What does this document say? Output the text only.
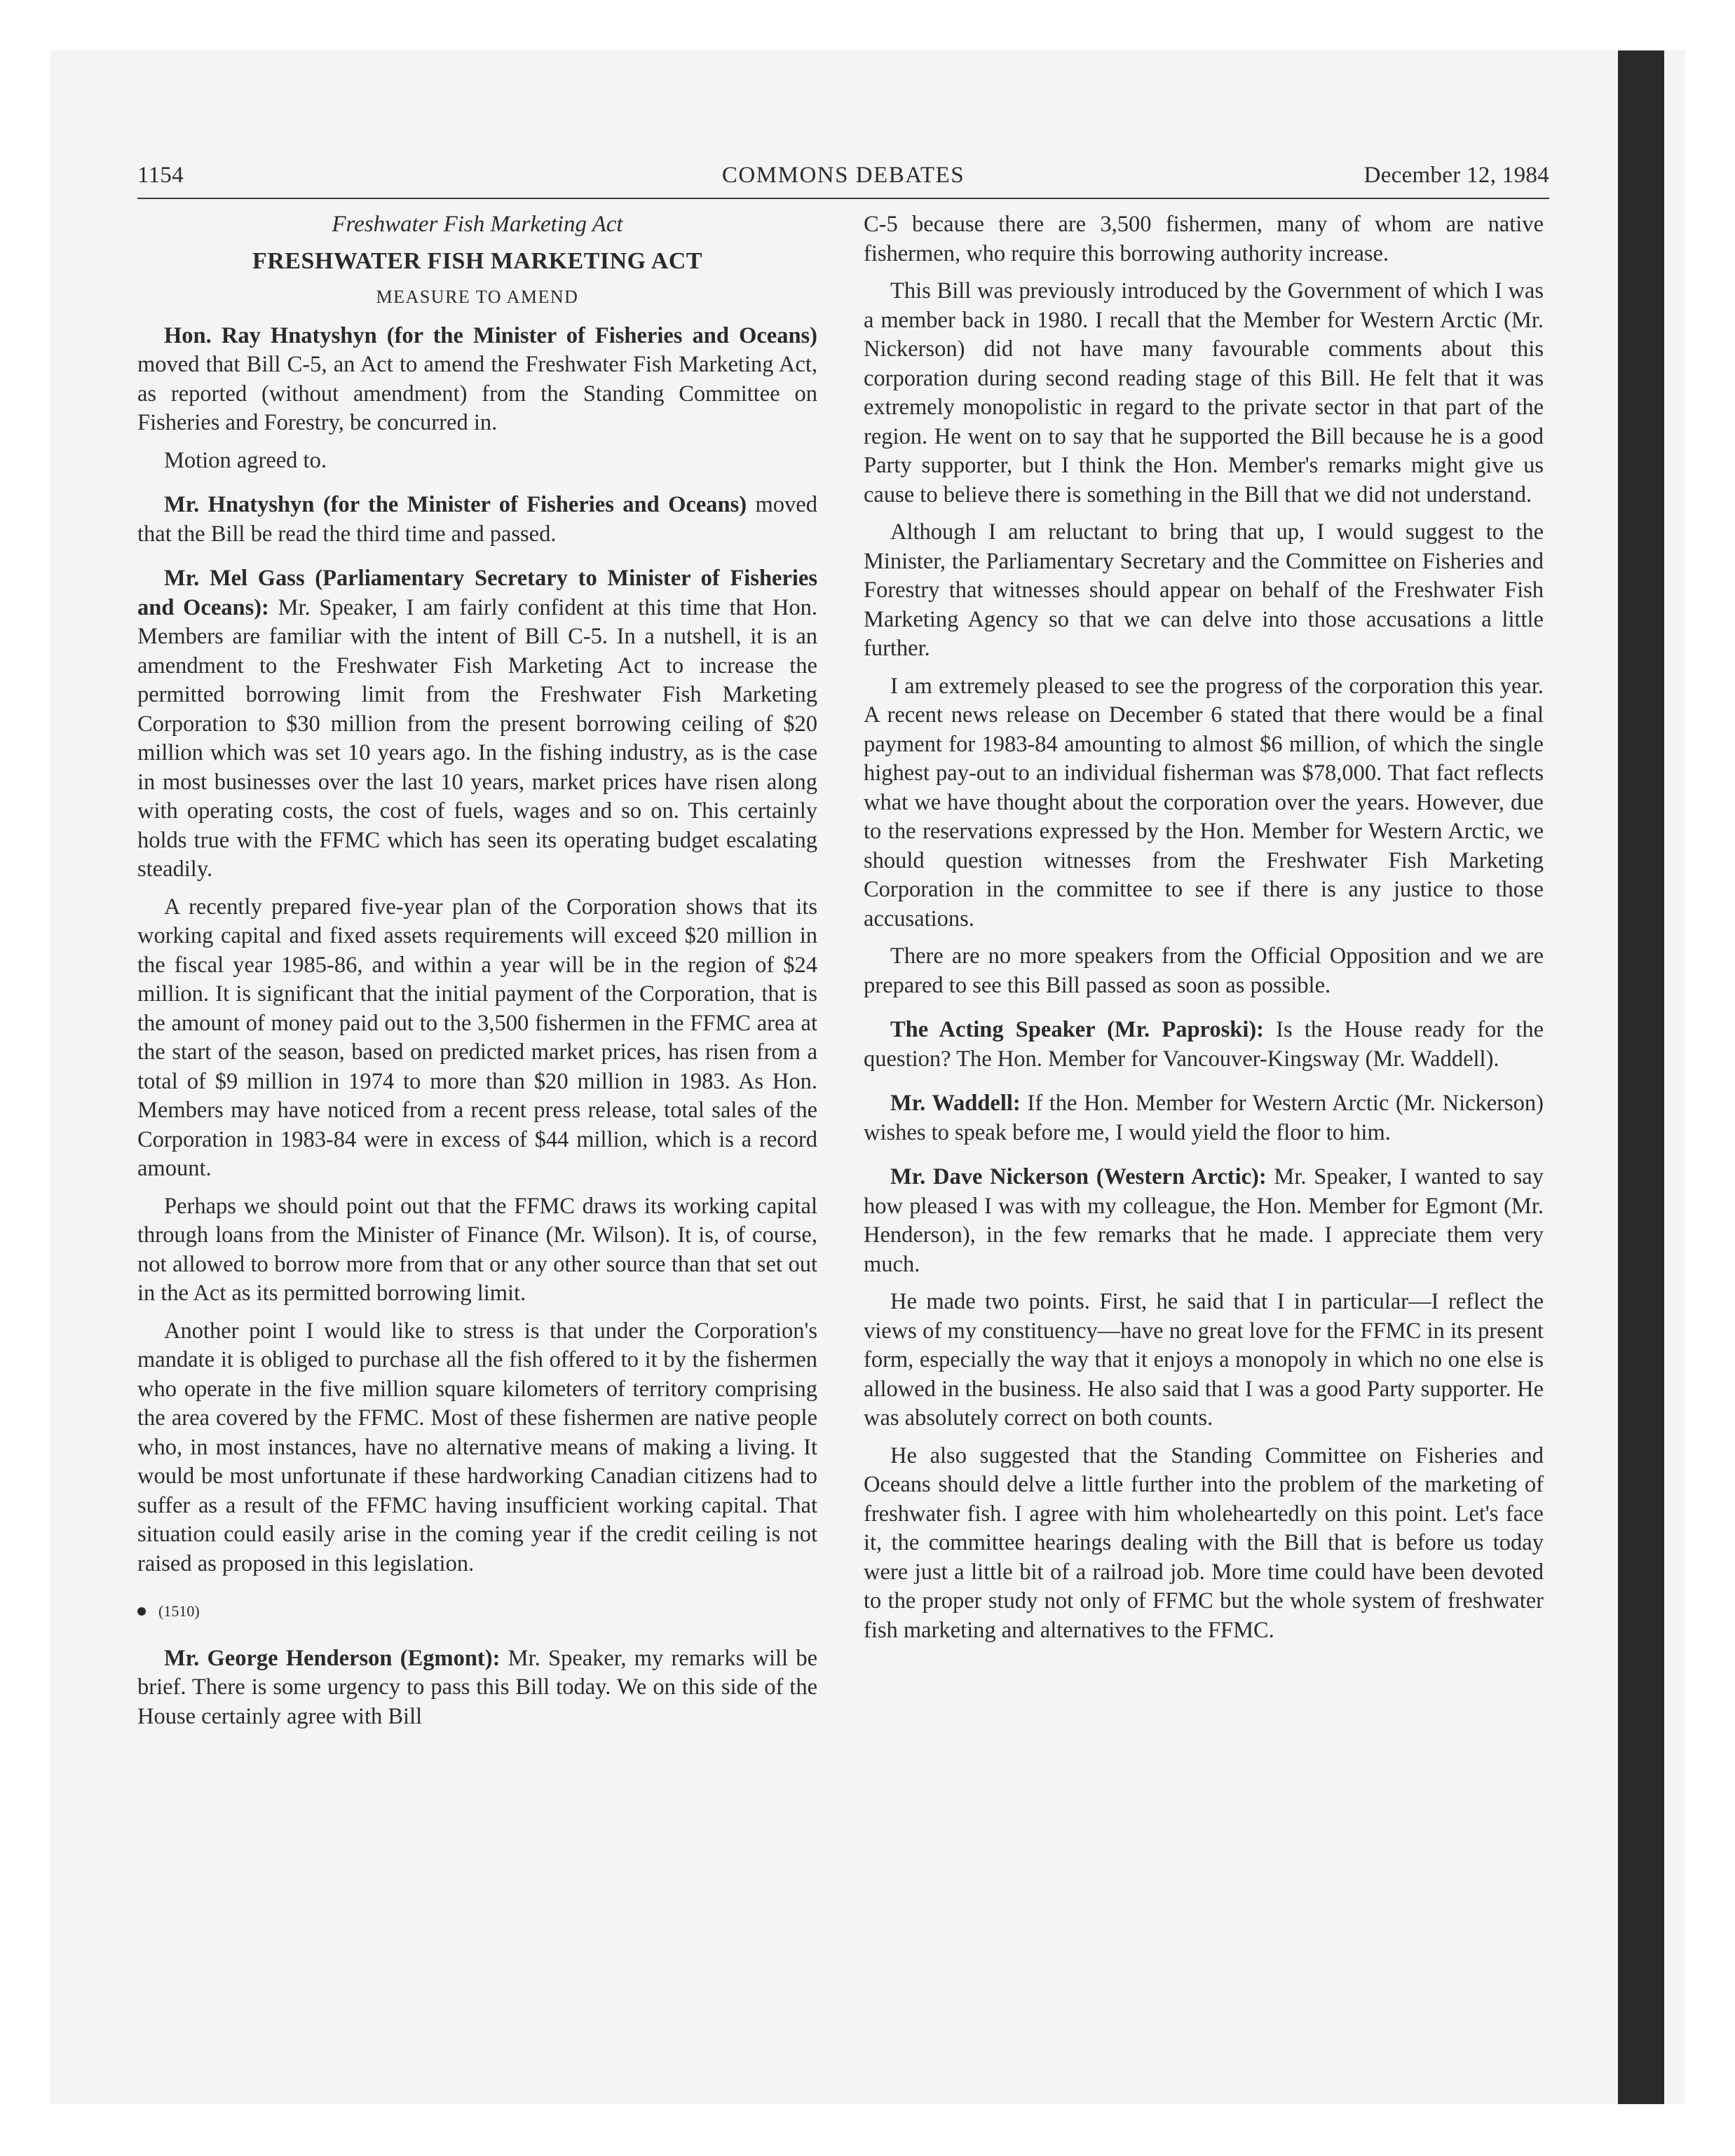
1154	COMMONS DEBATES	December 12, 1984
Freshwater Fish Marketing Act
FRESHWATER FISH MARKETING ACT
MEASURE TO AMEND

Hon. Ray Hnatyshyn (for the Minister of Fisheries and Oceans) moved that Bill C-5, an Act to amend the Freshwater Fish Marketing Act, as reported (without amendment) from the Standing Committee on Fisheries and Forestry, be concurred in.

Motion agreed to.

Mr. Hnatyshyn (for the Minister of Fisheries and Oceans) moved that the Bill be read the third time and passed.

Mr. Mel Gass (Parliamentary Secretary to Minister of Fisheries and Oceans): Mr. Speaker, I am fairly confident at this time that Hon. Members are familiar with the intent of Bill C-5. In a nutshell, it is an amendment to the Freshwater Fish Marketing Act to increase the permitted borrowing limit from the Freshwater Fish Marketing Corporation to $30 million from the present borrowing ceiling of $20 million which was set 10 years ago. In the fishing industry, as is the case in most businesses over the last 10 years, market prices have risen along with operating costs, the cost of fuels, wages and so on. This certainly holds true with the FFMC which has seen its operating budget escalating steadily.

A recently prepared five-year plan of the Corporation shows that its working capital and fixed assets requirements will exceed $20 million in the fiscal year 1985-86, and within a year will be in the region of $24 million. It is significant that the initial payment of the Corporation, that is the amount of money paid out to the 3,500 fishermen in the FFMC area at the start of the season, based on predicted market prices, has risen from a total of $9 million in 1974 to more than $20 million in 1983. As Hon. Members may have noticed from a recent press release, total sales of the Corporation in 1983-84 were in excess of $44 million, which is a record amount.

Perhaps we should point out that the FFMC draws its working capital through loans from the Minister of Finance (Mr. Wilson). It is, of course, not allowed to borrow more from that or any other source than that set out in the Act as its permitted borrowing limit.

Another point I would like to stress is that under the Corporation's mandate it is obliged to purchase all the fish offered to it by the fishermen who operate in the five million square kilometers of territory comprising the area covered by the FFMC. Most of these fishermen are native people who, in most instances, have no alternative means of making a living. It would be most unfortunate if these hardworking Canadian citizens had to suffer as a result of the FFMC having insufficient working capital. That situation could easily arise in the coming year if the credit ceiling is not raised as proposed in this legislation.

(1510)

Mr. George Henderson (Egmont): Mr. Speaker, my remarks will be brief. There is some urgency to pass this Bill today. We on this side of the House certainly agree with Bill

C-5 because there are 3,500 fishermen, many of whom are native fishermen, who require this borrowing authority increase.

This Bill was previously introduced by the Government of which I was a member back in 1980. I recall that the Member for Western Arctic (Mr. Nickerson) did not have many favourable comments about this corporation during second reading stage of this Bill. He felt that it was extremely monopolistic in regard to the private sector in that part of the region. He went on to say that he supported the Bill because he is a good Party supporter, but I think the Hon. Member's remarks might give us cause to believe there is something in the Bill that we did not understand.

Although I am reluctant to bring that up, I would suggest to the Minister, the Parliamentary Secretary and the Committee on Fisheries and Forestry that witnesses should appear on behalf of the Freshwater Fish Marketing Agency so that we can delve into those accusations a little further.

I am extremely pleased to see the progress of the corporation this year. A recent news release on December 6 stated that there would be a final payment for 1983-84 amounting to almost $6 million, of which the single highest pay-out to an individual fisherman was $78,000. That fact reflects what we have thought about the corporation over the years. However, due to the reservations expressed by the Hon. Member for Western Arctic, we should question witnesses from the Freshwater Fish Marketing Corporation in the committee to see if there is any justice to those accusations.

There are no more speakers from the Official Opposition and we are prepared to see this Bill passed as soon as possible.

The Acting Speaker (Mr. Paproski): Is the House ready for the question? The Hon. Member for Vancouver-Kingsway (Mr. Waddell).

Mr. Waddell: If the Hon. Member for Western Arctic (Mr. Nickerson) wishes to speak before me, I would yield the floor to him.

Mr. Dave Nickerson (Western Arctic): Mr. Speaker, I wanted to say how pleased I was with my colleague, the Hon. Member for Egmont (Mr. Henderson), in the few remarks that he made. I appreciate them very much.

He made two points. First, he said that I in particular—I reflect the views of my constituency—have no great love for the FFMC in its present form, especially the way that it enjoys a monopoly in which no one else is allowed in the business. He also said that I was a good Party supporter. He was absolutely correct on both counts.

He also suggested that the Standing Committee on Fisheries and Oceans should delve a little further into the problem of the marketing of freshwater fish. I agree with him wholeheartedly on this point. Let's face it, the committee hearings dealing with the Bill that is before us today were just a little bit of a railroad job. More time could have been devoted to the proper study not only of FFMC but the whole system of freshwater fish marketing and alternatives to the FFMC.
